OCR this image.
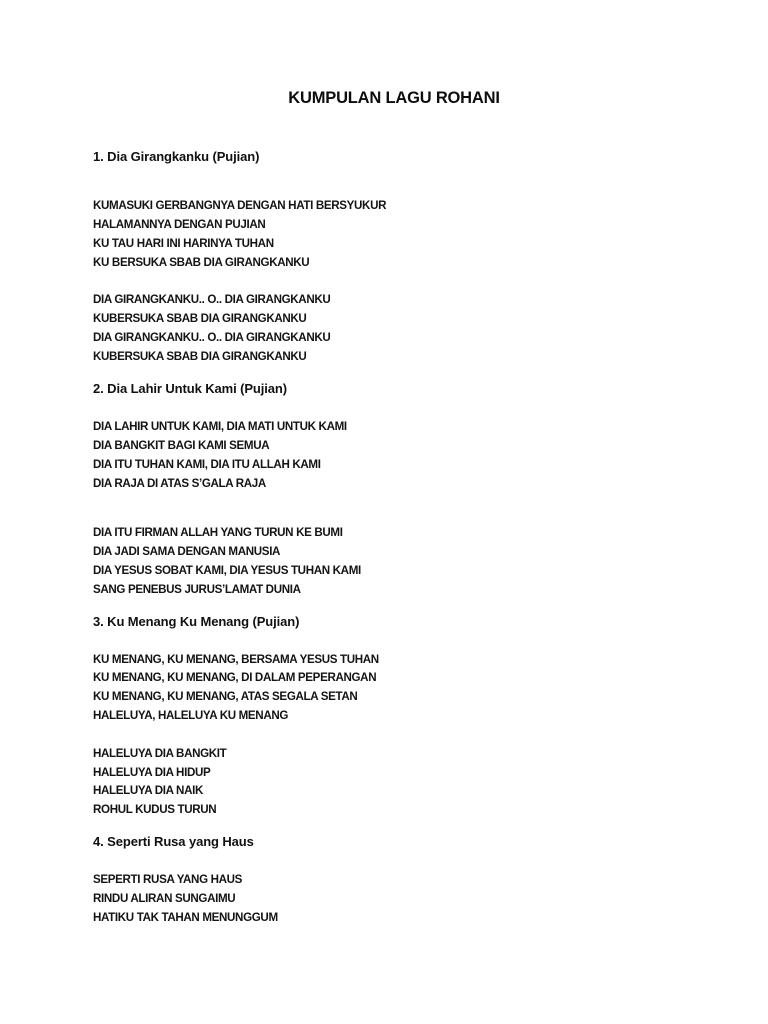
KUMPULAN LAGU ROHANI
1. Dia Girangkanku (Pujian)
KUMASUKI GERBANGNYA DENGAN HATI BERSYUKUR
HALAMANNYA DENGAN PUJIAN
KU TAU HARI INI HARINYA TUHAN
KU BERSUKA SBAB DIA GIRANGKANKU
DIA GIRANGKANKU.. O.. DIA GIRANGKANKU
KUBERSUKA SBAB DIA GIRANGKANKU
DIA GIRANGKANKU.. O.. DIA GIRANGKANKU
KUBERSUKA SBAB DIA GIRANGKANKU
2. Dia Lahir Untuk Kami (Pujian)
DIA LAHIR UNTUK KAMI, DIA MATI UNTUK KAMI
DIA BANGKIT BAGI KAMI SEMUA
DIA ITU TUHAN KAMI, DIA ITU ALLAH KAMI
DIA RAJA DI ATAS S’GALA RAJA
DIA ITU FIRMAN ALLAH YANG TURUN KE BUMI
DIA JADI SAMA DENGAN MANUSIA
DIA YESUS SOBAT KAMI, DIA YESUS TUHAN KAMI
SANG PENEBUS JURUS’LAMAT DUNIA
3. Ku Menang Ku Menang (Pujian)
KU MENANG, KU MENANG, BERSAMA YESUS TUHAN
KU MENANG, KU MENANG, DI DALAM PEPERANGAN
KU MENANG, KU MENANG, ATAS SEGALA SETAN
HALELUYA, HALELUYA KU MENANG
HALELUYA DIA BANGKIT
HALELUYA DIA HIDUP
HALELUYA DIA NAIK
ROHUL KUDUS TURUN
4. Seperti Rusa yang Haus
SEPERTI RUSA YANG HAUS
RINDU ALIRAN SUNGAIMU
HATIKU TAK TAHAN MENUNGGUM
